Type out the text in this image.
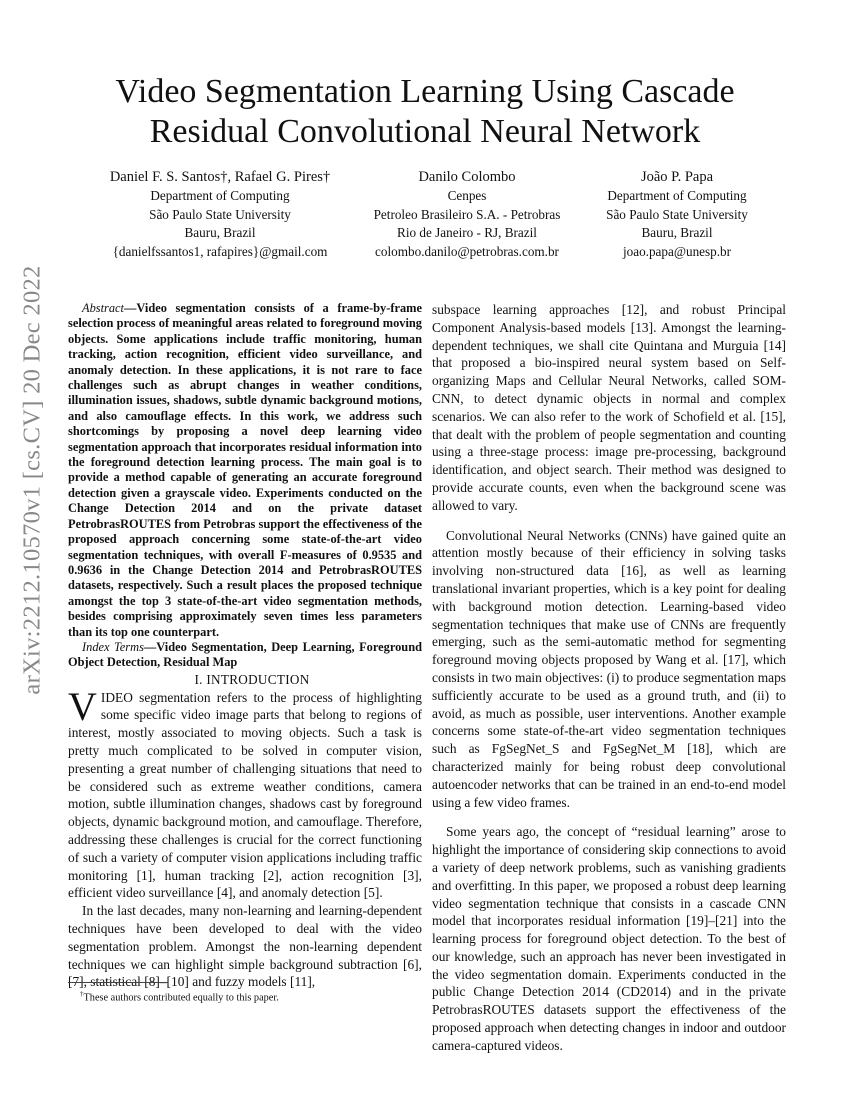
arXiv:2212.10570v1 [cs.CV] 20 Dec 2022
Video Segmentation Learning Using Cascade
Residual Convolutional Neural Network
Daniel F. S. Santos†, Rafael G. Pires†
Department of Computing
São Paulo State University
Bauru, Brazil
{danielfssantos1, rafapires}@gmail.com
Danilo Colombo
Cenpes
Petroleo Brasileiro S.A. - Petrobras
Rio de Janeiro - RJ, Brazil
colombo.danilo@petrobras.com.br
João P. Papa
Department of Computing
São Paulo State University
Bauru, Brazil
joao.papa@unesp.br

Abstract—Video segmentation consists of a frame-by-frame selection process of meaningful areas related to foreground moving objects. Some applications include traffic monitoring, human tracking, action recognition, efficient video surveillance, and anomaly detection. In these applications, it is not rare to face challenges such as abrupt changes in weather conditions, illumination issues, shadows, subtle dynamic background motions, and also camouflage effects. In this work, we address such shortcomings by proposing a novel deep learning video segmentation approach that incorporates residual information into the foreground detection learning process. The main goal is to provide a method capable of generating an accurate foreground detection given a grayscale video. Experiments conducted on the Change Detection 2014 and on the private dataset PetrobrasROUTES from Petrobras support the effectiveness of the proposed approach concerning some state-of-the-art video segmentation techniques, with overall F-measures of 0.9535 and 0.9636 in the Change Detection 2014 and PetrobrasROUTES datasets, respectively. Such a result places the proposed technique amongst the top 3 state-of-the-art video segmentation methods, besides comprising approximately seven times less parameters than its top one counterpart.

Index Terms—Video Segmentation, Deep Learning, Foreground Object Detection, Residual Map

I. INTRODUCTION

VIDEO segmentation refers to the process of highlighting some specific video image parts that belong to regions of interest, mostly associated to moving objects. Such a task is pretty much complicated to be solved in computer vision, presenting a great number of challenging situations that need to be considered such as extreme weather conditions, camera motion, subtle illumination changes, shadows cast by foreground objects, dynamic background motion, and camouflage. Therefore, addressing these challenges is crucial for the correct functioning of such a variety of computer vision applications including traffic monitoring [1], human tracking [2], action recognition [3], efficient video surveillance [4], and anomaly detection [5].

In the last decades, many non-learning and learning-dependent techniques have been developed to deal with the video segmentation problem. Amongst the non-learning dependent techniques we can highlight simple background subtraction [6], [7], statistical [8]–[10] and fuzzy models [11],

subspace learning approaches [12], and robust Principal Component Analysis-based models [13]. Amongst the learning-dependent techniques, we shall cite Quintana and Murguia [14] that proposed a bio-inspired neural system based on Self-organizing Maps and Cellular Neural Networks, called SOM-CNN, to detect dynamic objects in normal and complex scenarios. We can also refer to the work of Schofield et al. [15], that dealt with the problem of people segmentation and counting using a three-stage process: image pre-processing, background identification, and object search. Their method was designed to provide accurate counts, even when the background scene was allowed to vary.

Convolutional Neural Networks (CNNs) have gained quite an attention mostly because of their efficiency in solving tasks involving non-structured data [16], as well as learning translational invariant properties, which is a key point for dealing with background motion detection. Learning-based video segmentation techniques that make use of CNNs are frequently emerging, such as the semi-automatic method for segmenting foreground moving objects proposed by Wang et al. [17], which consists in two main objectives: (i) to produce segmentation maps sufficiently accurate to be used as a ground truth, and (ii) to avoid, as much as possible, user interventions. Another example concerns some state-of-the-art video segmentation techniques such as FgSegNet_S and FgSegNet_M [18], which are characterized mainly for being robust deep convolutional autoencoder networks that can be trained in an end-to-end model using a few video frames.

Some years ago, the concept of “residual learning” arose to highlight the importance of considering skip connections to avoid a variety of deep network problems, such as vanishing gradients and overfitting. In this paper, we proposed a robust deep learning video segmentation technique that consists in a cascade CNN model that incorporates residual information [19]–[21] into the learning process for foreground object detection. To the best of our knowledge, such an approach has never been investigated in the video segmentation domain. Experiments conducted in the public Change Detection 2014 (CD2014) and in the private PetrobrasROUTES datasets support the effectiveness of the proposed approach when detecting changes in indoor and outdoor camera-captured videos.

†These authors contributed equally to this paper.
